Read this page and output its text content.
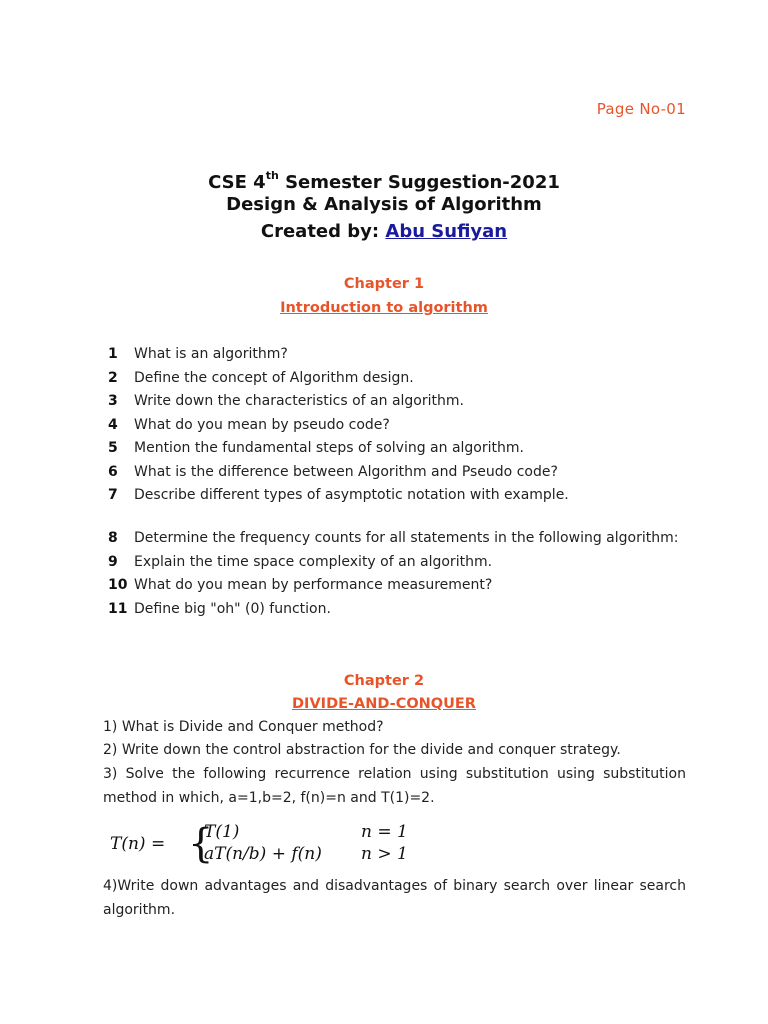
Page No-01
CSE 4th Semester Suggestion-2021
Design & Analysis of Algorithm
Created by: Abu Sufiyan
Chapter 1
Introduction to algorithm
1	What is an algorithm?
2	Define the concept of Algorithm design.
3	Write down the characteristics of an algorithm.
4	What do you mean by pseudo code?
5	Mention the fundamental steps of solving an algorithm.
6	What is the difference between Algorithm and Pseudo code?
7	Describe different types of asymptotic notation with example.
8	Determine the frequency counts for all statements in the following algorithm:
9	Explain the time space complexity of an algorithm.
10 What do you mean by performance measurement?
11 Define big "oh" (0) function.
Chapter 2
DIVIDE-AND-CONQUER
1) What is Divide and Conquer method?
2) Write down the control abstraction for the divide and conquer strategy.
3) Solve the following recurrence relation using substitution using substitution method in which, a=1,b=2, f(n)=n and T(1)=2.
T(n) = {
T(1)	n = 1
aT(n/b) + f(n) n > 1
4)Write down advantages and disadvantages of binary search over linear search algorithm.
